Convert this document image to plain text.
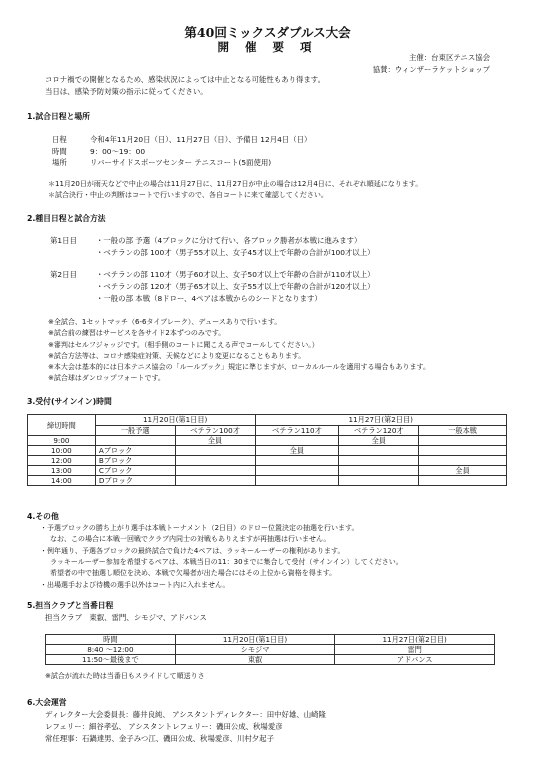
第40回ミックスダブルス大会
開 催 要 項
主催：台東区テニス協会
協賛：ウィンザーラケットショップ
コロナ禍での開催となるため、感染状況によっては中止となる可能性もあり得ます。
当日は、感染予防対策の指示に従ってください。
1.試合日程と場所
日程	令和4年11月20日（日）、11月27日（日）、予備日 12月4日（日）
時間	9：00～19：00
場所	リバーサイドスポーツセンター テニスコート(5面使用)
＊11月20日が雨天などで中止の場合は11月27日に、11月27日が中止の場合は12月4日に、それぞれ順延になります。
＊試合決行・中止の判断はコートで行いますので、各自コートに来て確認してください。
2.種目日程と試合方法
第1日目	・一般の部 予選（4ブロックに分けて行い、各ブロック勝者が本戦に進みます）
・ベテランの部 100才（男子55才以上、女子45才以上で年齢の合計が100才以上）
第2日目	・ベテランの部 110才（男子60才以上、女子50才以上で年齢の合計が110才以上）
・ベテランの部 120才（男子65才以上、女子55才以上で年齢の合計が120才以上）
・一般の部 本戦（8ドロー、4ペアは本戦からのシードとなります）
※全試合、1セットマッチ（6-6タイブレーク）、デュースありで行います。
※試合前の練習はサービスを各サイド2本ずつのみです。
※審判はセルフジャッジです。（相手側のコートに聞こえる声でコールしてください。）
※試合方法等は、コロナ感染症対策、天候などにより変更になることもあります。
※本大会は基本的には日本テニス協会の「ルールブック」規定に準じますが、ローカルルールを適用する場合もあります。
※試合球はダンロップフォートです。
3.受付(サインイン)時間
締切時間	11月20日(第1日目)		11月27日(第2日目)		
	一般予選	ベテラン100才	ベテラン110才	ベテラン120才	一般本戦
9:00		全員		全員	
10:00	Aブロック		全員		
12:00	Bブロック				
13:00	Cブロック				全員
14:00	Dブロック				
4.その他
・予選ブロックの勝ち上がり選手は本戦トーナメント（2日目）のドロー位置決定の抽選を行います。
なお、この場合に本戦一回戦でクラブ内同士の対戦もありえますが再抽選は行いません。
・例年通り、予選各ブロックの最終試合で負けた4ペアは、ラッキールーザーの権利があります。
ラッキールーザー参加を希望するペアは、本戦当日の11：30までに集合して受付（サインイン）してください。
希望者の中で抽選し順位を決め、本戦で欠場者が出た場合にはその上位から資格を得ます。
・出場選手および待機の選手以外はコート内に入れません。
5.担当クラブと当番日程
担当クラブ　東叡、雷門、シモジマ、アドバンス
時間	11月20日(第1日目)	11月27日(第2日目)
8:40 ～12:00	シモジマ	雷門
11:50～最後まで	東叡	アドバンス
※試合が流れた時は当番日もスライドして順送りさ
6.大会運営
ディレクター大会委員長：藤井良純、 アシスタントディレクター：田中好雄、山崎隆
レフェリー：細谷孝弘、 アシスタントレフェリー：磯田公成、秋場愛彦
常任理事：石鍋達男、金子みつ江、磯田公成、秋場愛彦、川村夕起子
